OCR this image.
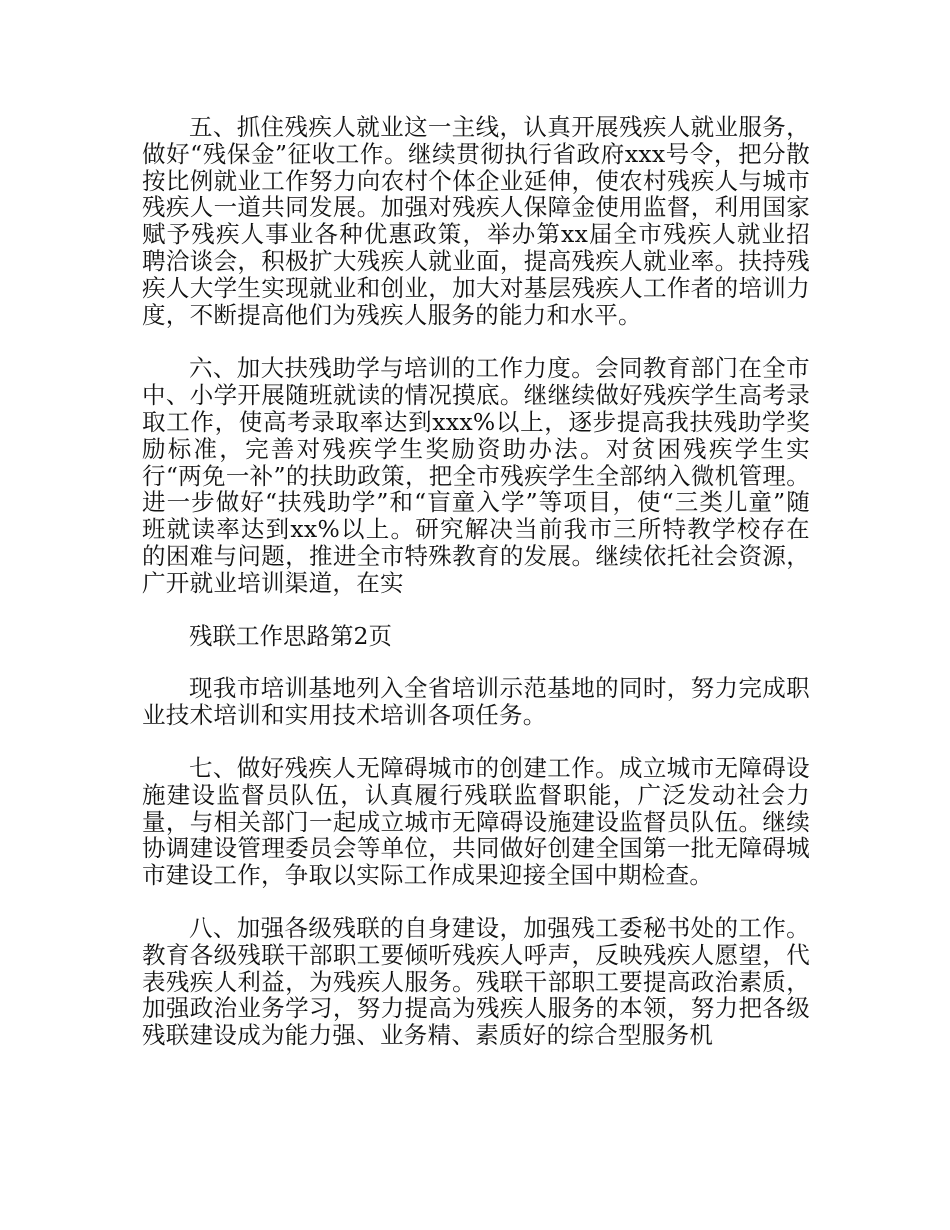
五、抓住残疾人就业这一主线，认真开展残疾人就业服务，做好“残保金”征收工作。继续贯彻执行省政府xxx号令，把分散按比例就业工作努力向农村个体企业延伸，使农村残疾人与城市残疾人一道共同发展。加强对残疾人保障金使用监督，利用国家赋予残疾人事业各种优惠政策，举办第xx届全市残疾人就业招聘洽谈会，积极扩大残疾人就业面，提高残疾人就业率。扶持残疾人大学生实现就业和创业，加大对基层残疾人工作者的培训力度，不断提高他们为残疾人服务的能力和水平。

六、加大扶残助学与培训的工作力度。会同教育部门在全市中、小学开展随班就读的情况摸底。继继续做好残疾学生高考录取工作，使高考录取率达到xxx%以上，逐步提高我扶残助学奖励标准，完善对残疾学生奖励资助办法。对贫困残疾学生实行“两免一补”的扶助政策，把全市残疾学生全部纳入微机管理。进一步做好“扶残助学”和“盲童入学”等项目，使“三类儿童”随班就读率达到xx%以上。研究解决当前我市三所特教学校存在的困难与问题，推进全市特殊教育的发展。继续依托社会资源，广开就业培训渠道，在实

残联工作思路第2页

现我市培训基地列入全省培训示范基地的同时，努力完成职业技术培训和实用技术培训各项任务。

七、做好残疾人无障碍城市的创建工作。成立城市无障碍设施建设监督员队伍，认真履行残联监督职能，广泛发动社会力量，与相关部门一起成立城市无障碍设施建设监督员队伍。继续协调建设管理委员会等单位，共同做好创建全国第一批无障碍城市建设工作，争取以实际工作成果迎接全国中期检查。

八、加强各级残联的自身建设，加强残工委秘书处的工作。教育各级残联干部职工要倾听残疾人呼声，反映残疾人愿望，代表残疾人利益，为残疾人服务。残联干部职工要提高政治素质，加强政治业务学习，努力提高为残疾人服务的本领，努力把各级残联建设成为能力强、业务精、素质好的综合型服务机
